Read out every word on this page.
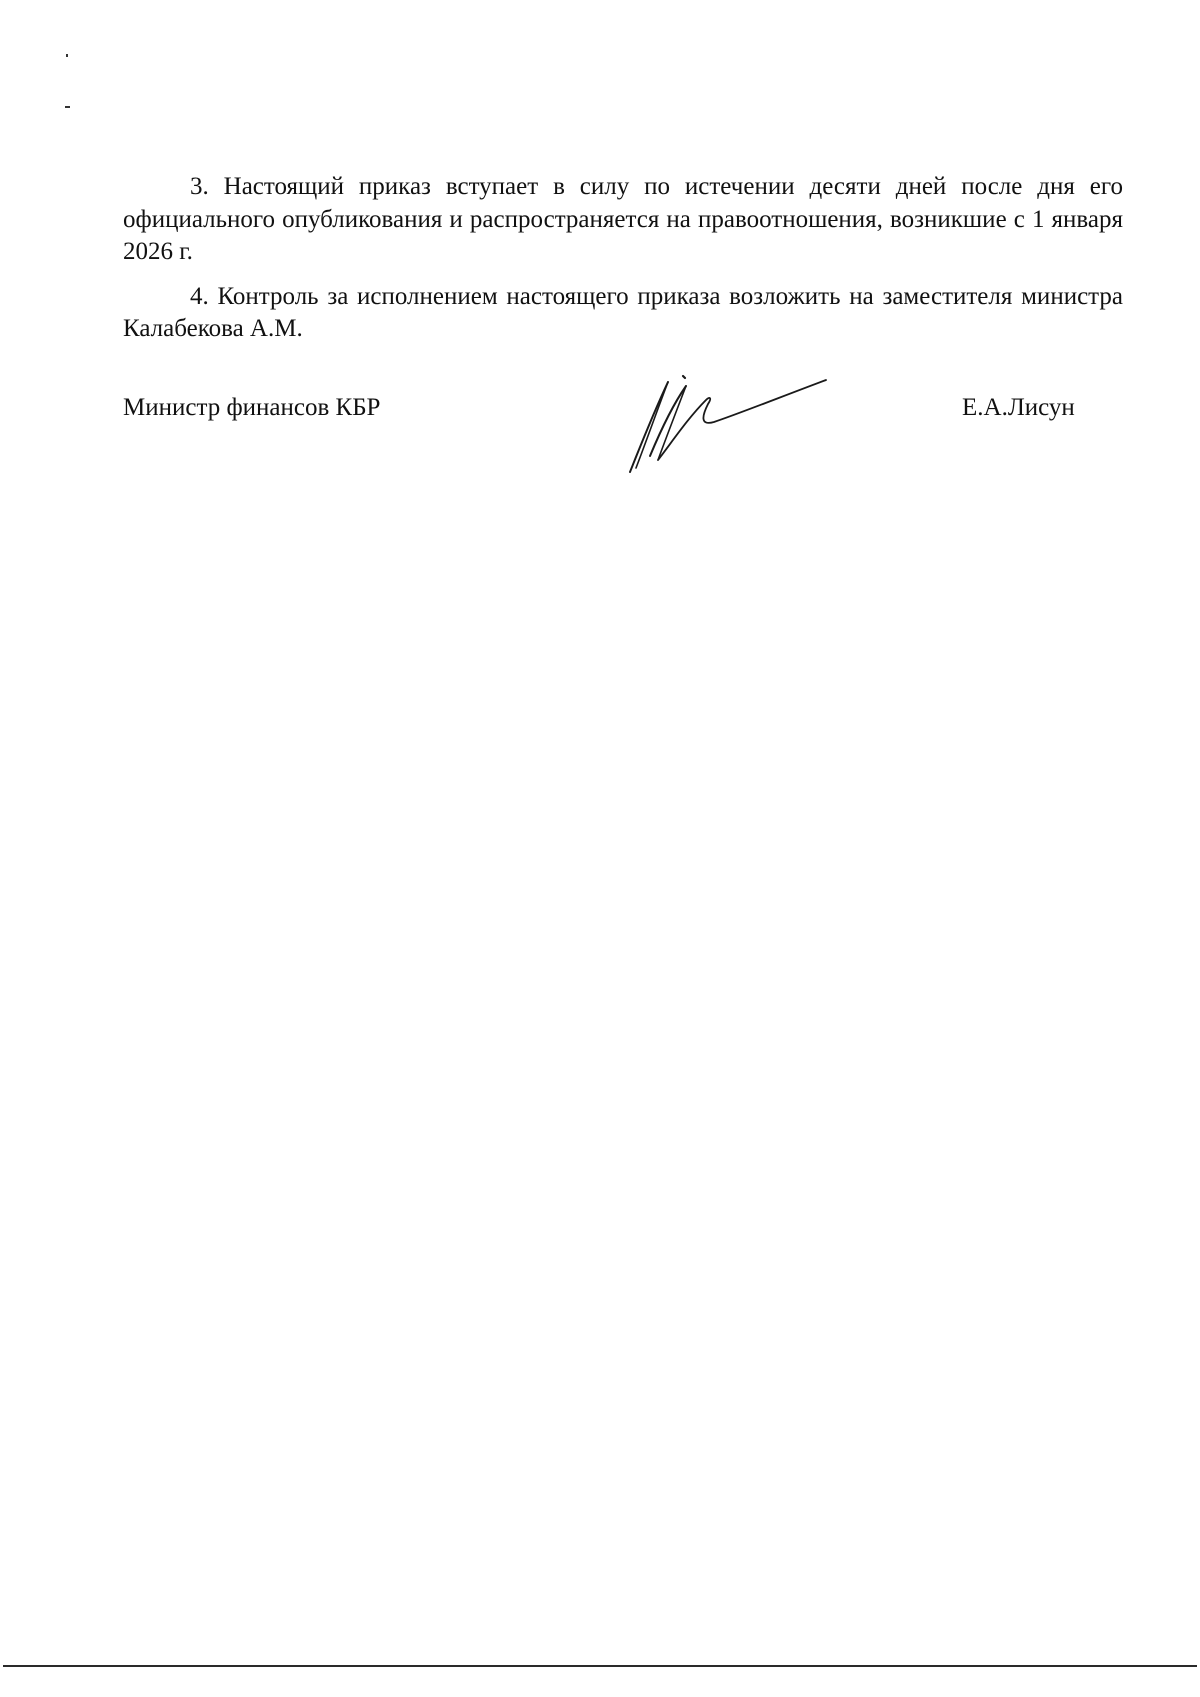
3. Настоящий приказ вступает в силу по истечении десяти дней после дня его официального опубликования и распространяется на правоотношения, возникшие с 1 января 2026 г.

4. Контроль за исполнением настоящего приказа возложить на заместителя министра Калабекова А.М.

Министр финансов КБР	Е.А.Лисун
